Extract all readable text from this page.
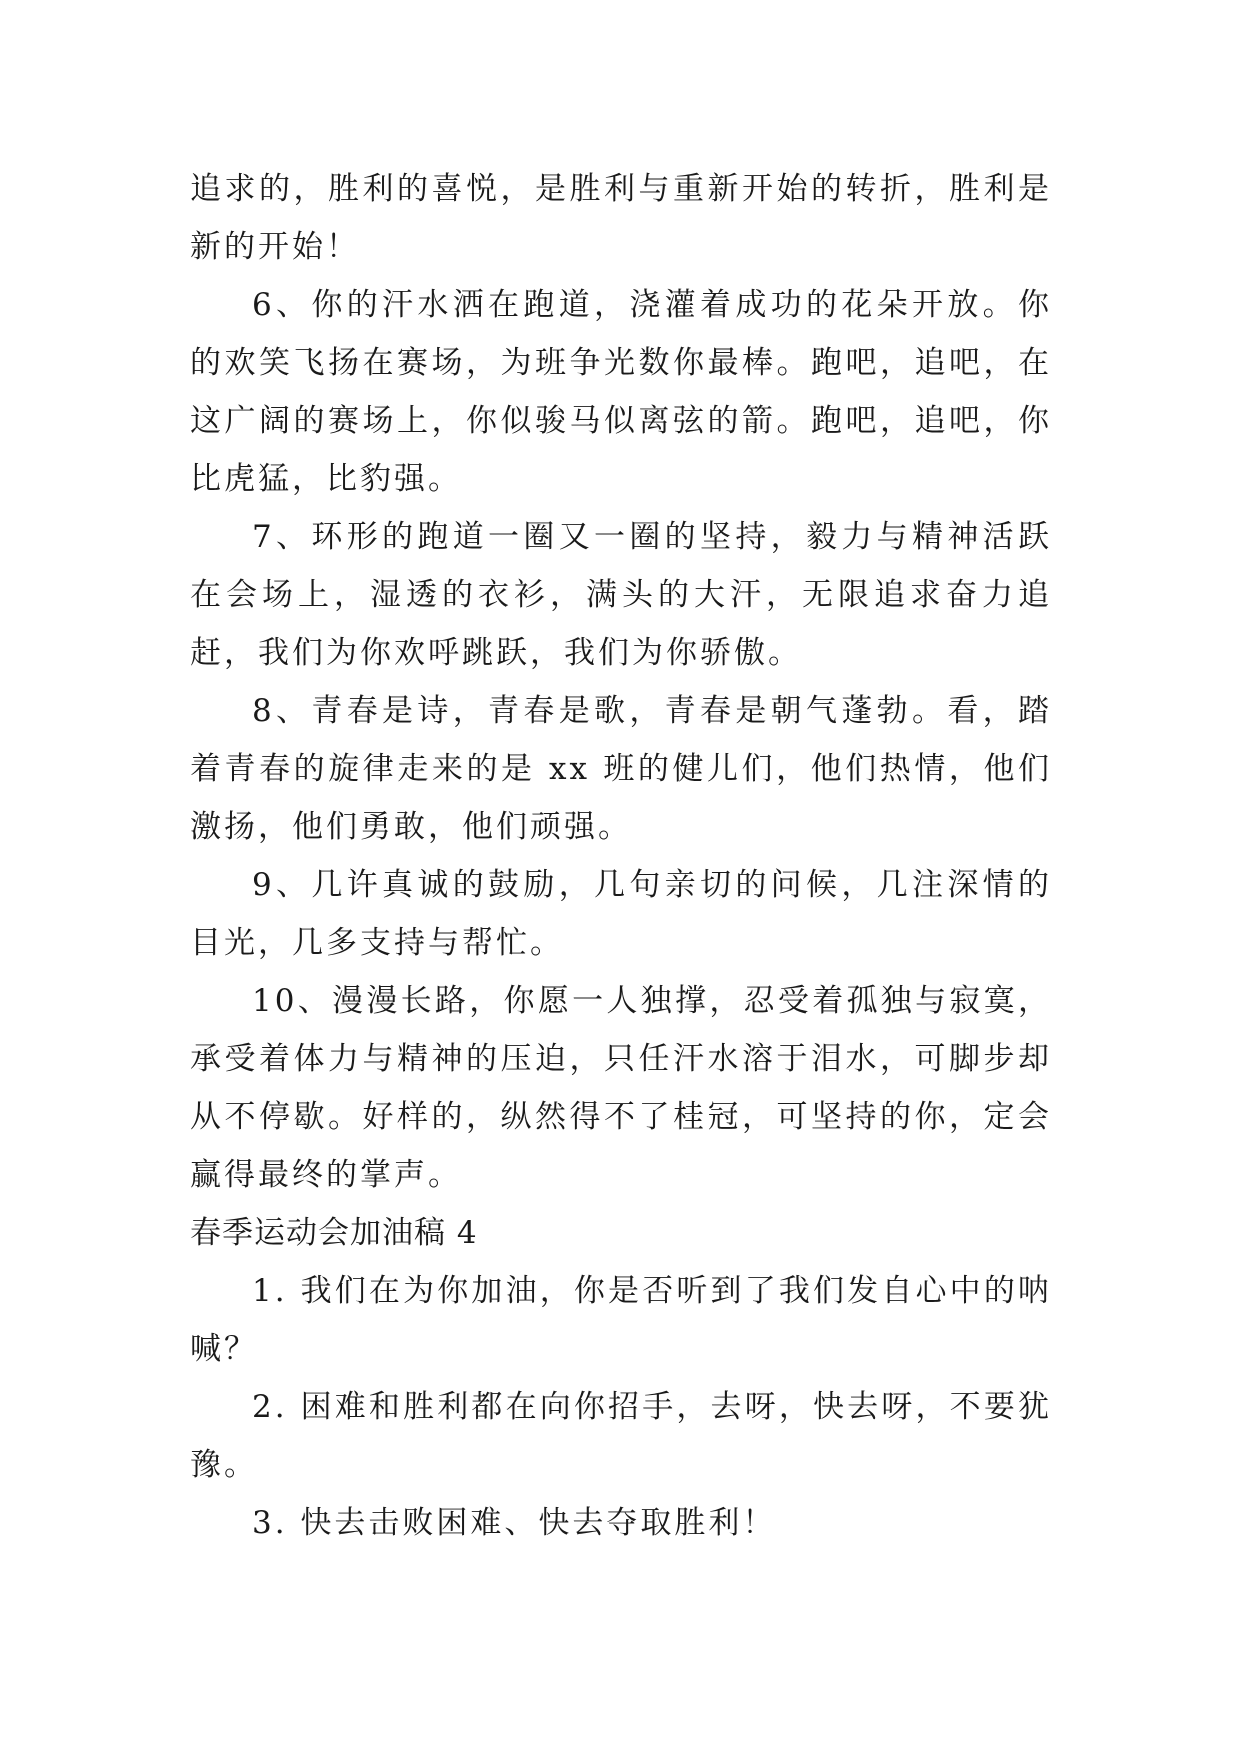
追求的，胜利的喜悦，是胜利与重新开始的转折，胜利是新的开始！

6、你的汗水洒在跑道，浇灌着成功的花朵开放。你的欢笑飞扬在赛场，为班争光数你最棒。跑吧，追吧，在这广阔的赛场上，你似骏马似离弦的箭。跑吧，追吧，你比虎猛，比豹强。

7、环形的跑道一圈又一圈的坚持，毅力与精神活跃在会场上，湿透的衣衫，满头的大汗，无限追求奋力追赶，我们为你欢呼跳跃，我们为你骄傲。

8、青春是诗，青春是歌，青春是朝气蓬勃。看，踏着青春的旋律走来的是 xx 班的健儿们，他们热情，他们激扬，他们勇敢，他们顽强。

9、几许真诚的鼓励，几句亲切的问候，几注深情的目光，几多支持与帮忙。

10、漫漫长路，你愿一人独撑，忍受着孤独与寂寞，承受着体力与精神的压迫，只任汗水溶于泪水，可脚步却从不停歇。好样的，纵然得不了桂冠，可坚持的你，定会赢得最终的掌声。

春季运动会加油稿 4

1. 我们在为你加油，你是否听到了我们发自心中的呐喊？

2. 困难和胜利都在向你招手，去呀，快去呀，不要犹豫。

3. 快去击败困难、快去夺取胜利！
